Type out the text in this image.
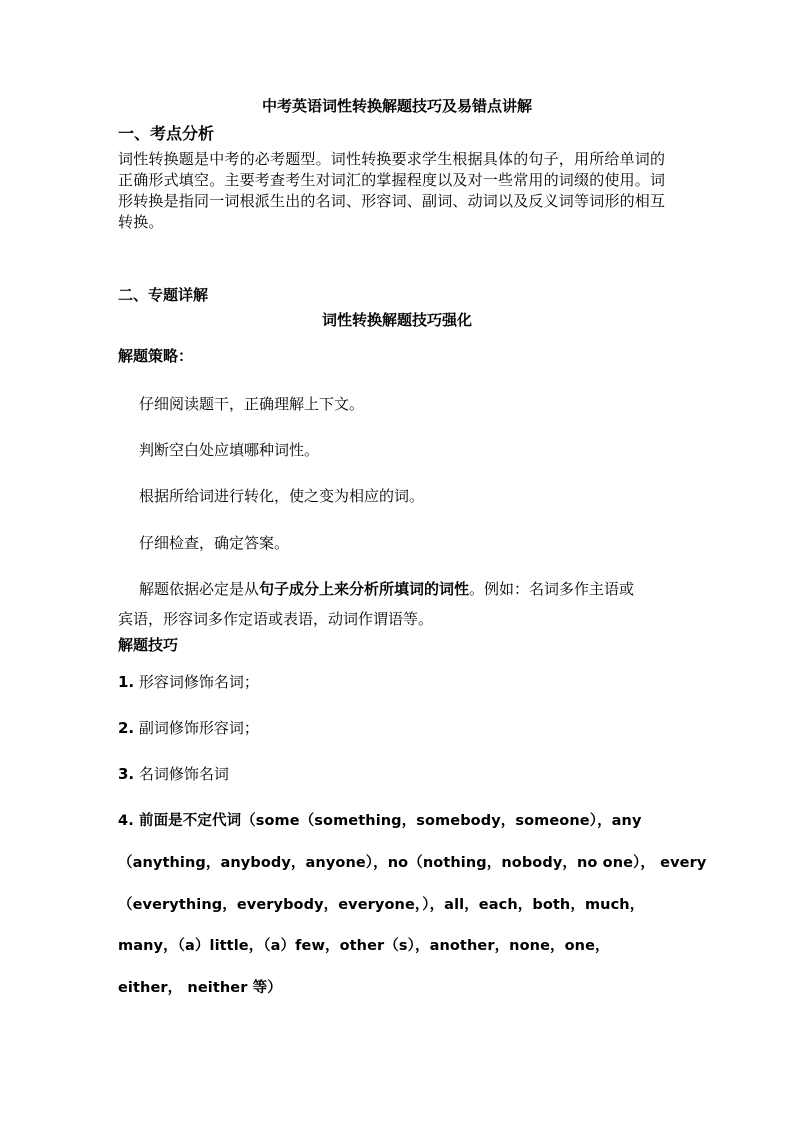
中考英语词性转换解题技巧及易错点讲解
一、考点分析
词性转换题是中考的必考题型。词性转换要求学生根据具体的句子，用所给单词的正确形式填空。主要考查考生对词汇的掌握程度以及对一些常用的词缀的使用。词形转换是指同一词根派生出的名词、形容词、副词、动词以及反义词等词形的相互转换。
二、专题详解
词性转换解题技巧强化
解题策略：
仔细阅读题干，正确理解上下文。
判断空白处应填哪种词性。
根据所给词进行转化，使之变为相应的词。
仔细检查，确定答案。
解题依据必定是从句子成分上来分析所填词的词性。例如：名词多作主语或
宾语，形容词多作定语或表语，动词作谓语等。
解题技巧
1. 形容词修饰名词；
2. 副词修饰形容词；
3. 名词修饰名词
4. 前面是不定代词（some（something，somebody，someone），any
（anything，anybody，anyone），no（nothing，nobody，no one）， every
（everything，everybody，everyone，），all，each，both，much，
many，（a）little，（a）few，other（s），another，none，one，
either， neither 等）
